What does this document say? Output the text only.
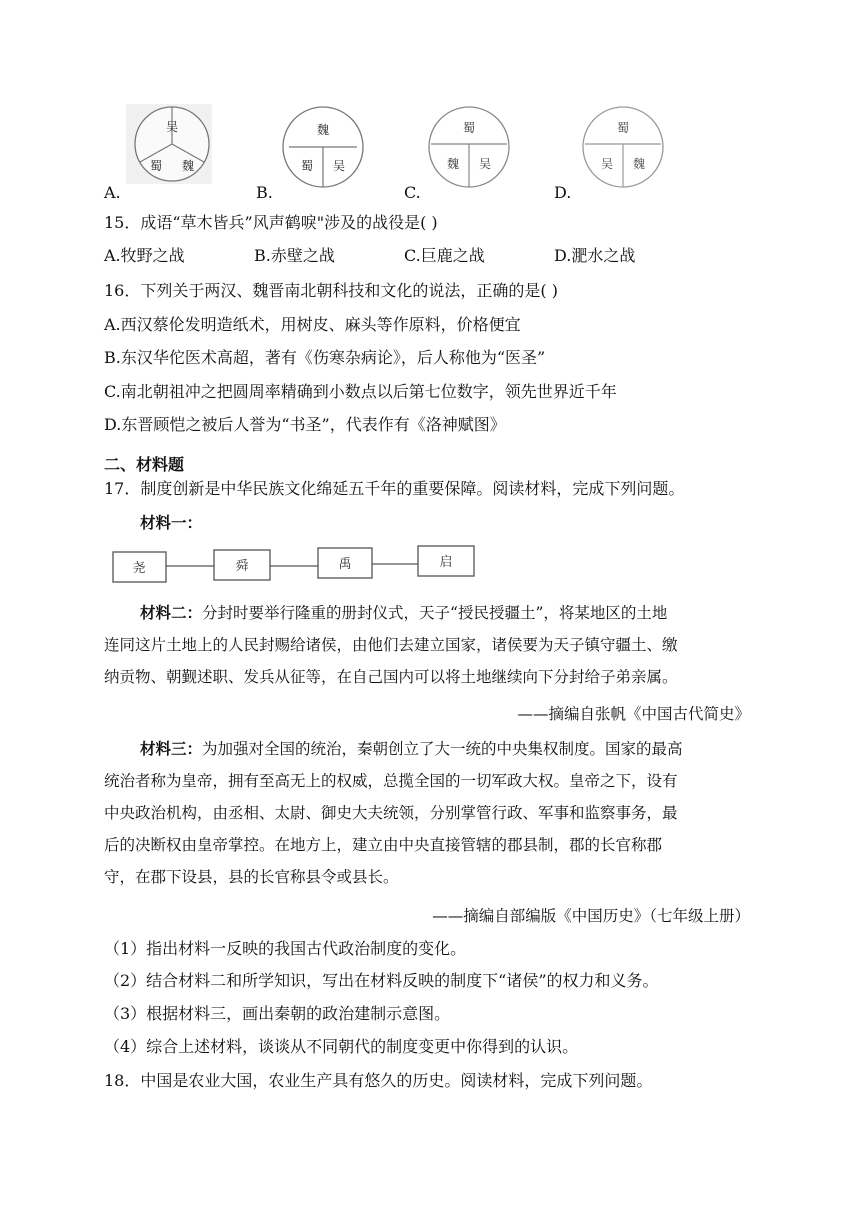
吴
蜀 魏
A.
魏
蜀 吴
B.
蜀
魏 吴
C.
蜀
吴 魏
D.
15．成语“草木皆兵”风声鹤唳"涉及的战役是( )
A.牧野之战	B.赤壁之战	C.巨鹿之战	D.淝水之战
16．下列关于两汉、魏晋南北朝科技和文化的说法，正确的是( )
A.西汉蔡伦发明造纸术，用树皮、麻头等作原料，价格便宜
B.东汉华佗医术高超，著有《伤寒杂病论》，后人称他为“医圣”
C.南北朝祖冲之把圆周率精确到小数点以后第七位数字，领先世界近千年
D.东晋顾恺之被后人誉为“书圣”，代表作有《洛神赋图》
二、材料题
17．制度创新是中华民族文化绵延五千年的重要保障。阅读材料，完成下列问题。
材料一：
尧	舜	禹	启
材料二：分封时要举行隆重的册封仪式，天子“授民授疆土”，将某地区的土地
连同这片土地上的人民封赐给诸侯，由他们去建立国家，诸侯要为天子镇守疆土、缴
纳贡物、朝觐述职、发兵从征等，在自己国内可以将土地继续向下分封给子弟亲属。
——摘编自张帆《中国古代简史》
材料三：为加强对全国的统治，秦朝创立了大一统的中央集权制度。国家的最高
统治者称为皇帝，拥有至高无上的权威，总揽全国的一切军政大权。皇帝之下，设有
中央政治机构，由丞相、太尉、御史大夫统领，分别掌管行政、军事和监察事务，最
后的决断权由皇帝掌控。在地方上，建立由中央直接管辖的郡县制，郡的长官称郡
守，在郡下设县，县的长官称县令或县长。
——摘编自部编版《中国历史》（七年级上册）
（1）指出材料一反映的我国古代政治制度的变化。
（2）结合材料二和所学知识，写出在材料反映的制度下“诸侯”的权力和义务。
（3）根据材料三，画出秦朝的政治建制示意图。
（4）综合上述材料，谈谈从不同朝代的制度变更中你得到的认识。
18．中国是农业大国，农业生产具有悠久的历史。阅读材料，完成下列问题。
